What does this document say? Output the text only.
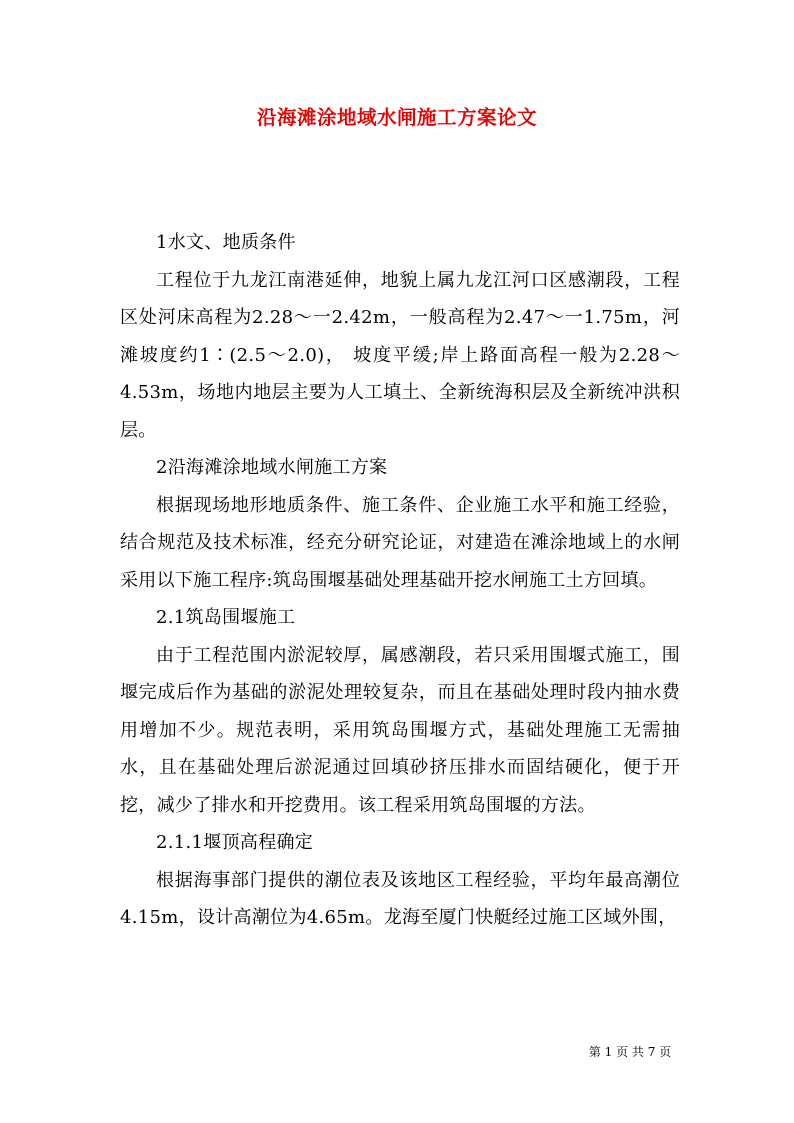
沿海滩涂地域水闸施工方案论文

1水文、地质条件

工程位于九龙江南港延伸，地貌上属九龙江河口区感潮段，工程区处河床高程为2.28～一2.42m，一般高程为2.47～一1.75m，河滩坡度约1∶(2.5～2.0)， 坡度平缓;岸上路面高程一般为2.28～4.53m，场地内地层主要为人工填土、全新统海积层及全新统冲洪积层。

2沿海滩涂地域水闸施工方案

根据现场地形地质条件、施工条件、企业施工水平和施工经验，结合规范及技术标准，经充分研究论证，对建造在滩涂地域上的水闸采用以下施工程序:筑岛围堰基础处理基础开挖水闸施工土方回填。

2.1筑岛围堰施工

由于工程范围内淤泥较厚，属感潮段，若只采用围堰式施工，围堰完成后作为基础的淤泥处理较复杂，而且在基础处理时段内抽水费用增加不少。规范表明，采用筑岛围堰方式，基础处理施工无需抽水，且在基础处理后淤泥通过回填砂挤压排水而固结硬化，便于开挖，减少了排水和开挖费用。该工程采用筑岛围堰的方法。

2.1.1堰顶高程确定

根据海事部门提供的潮位表及该地区工程经验，平均年最高潮位4.15m，设计高潮位为4.65m。龙海至厦门快艇经过施工区域外围，

第 1 页 共 7 页
